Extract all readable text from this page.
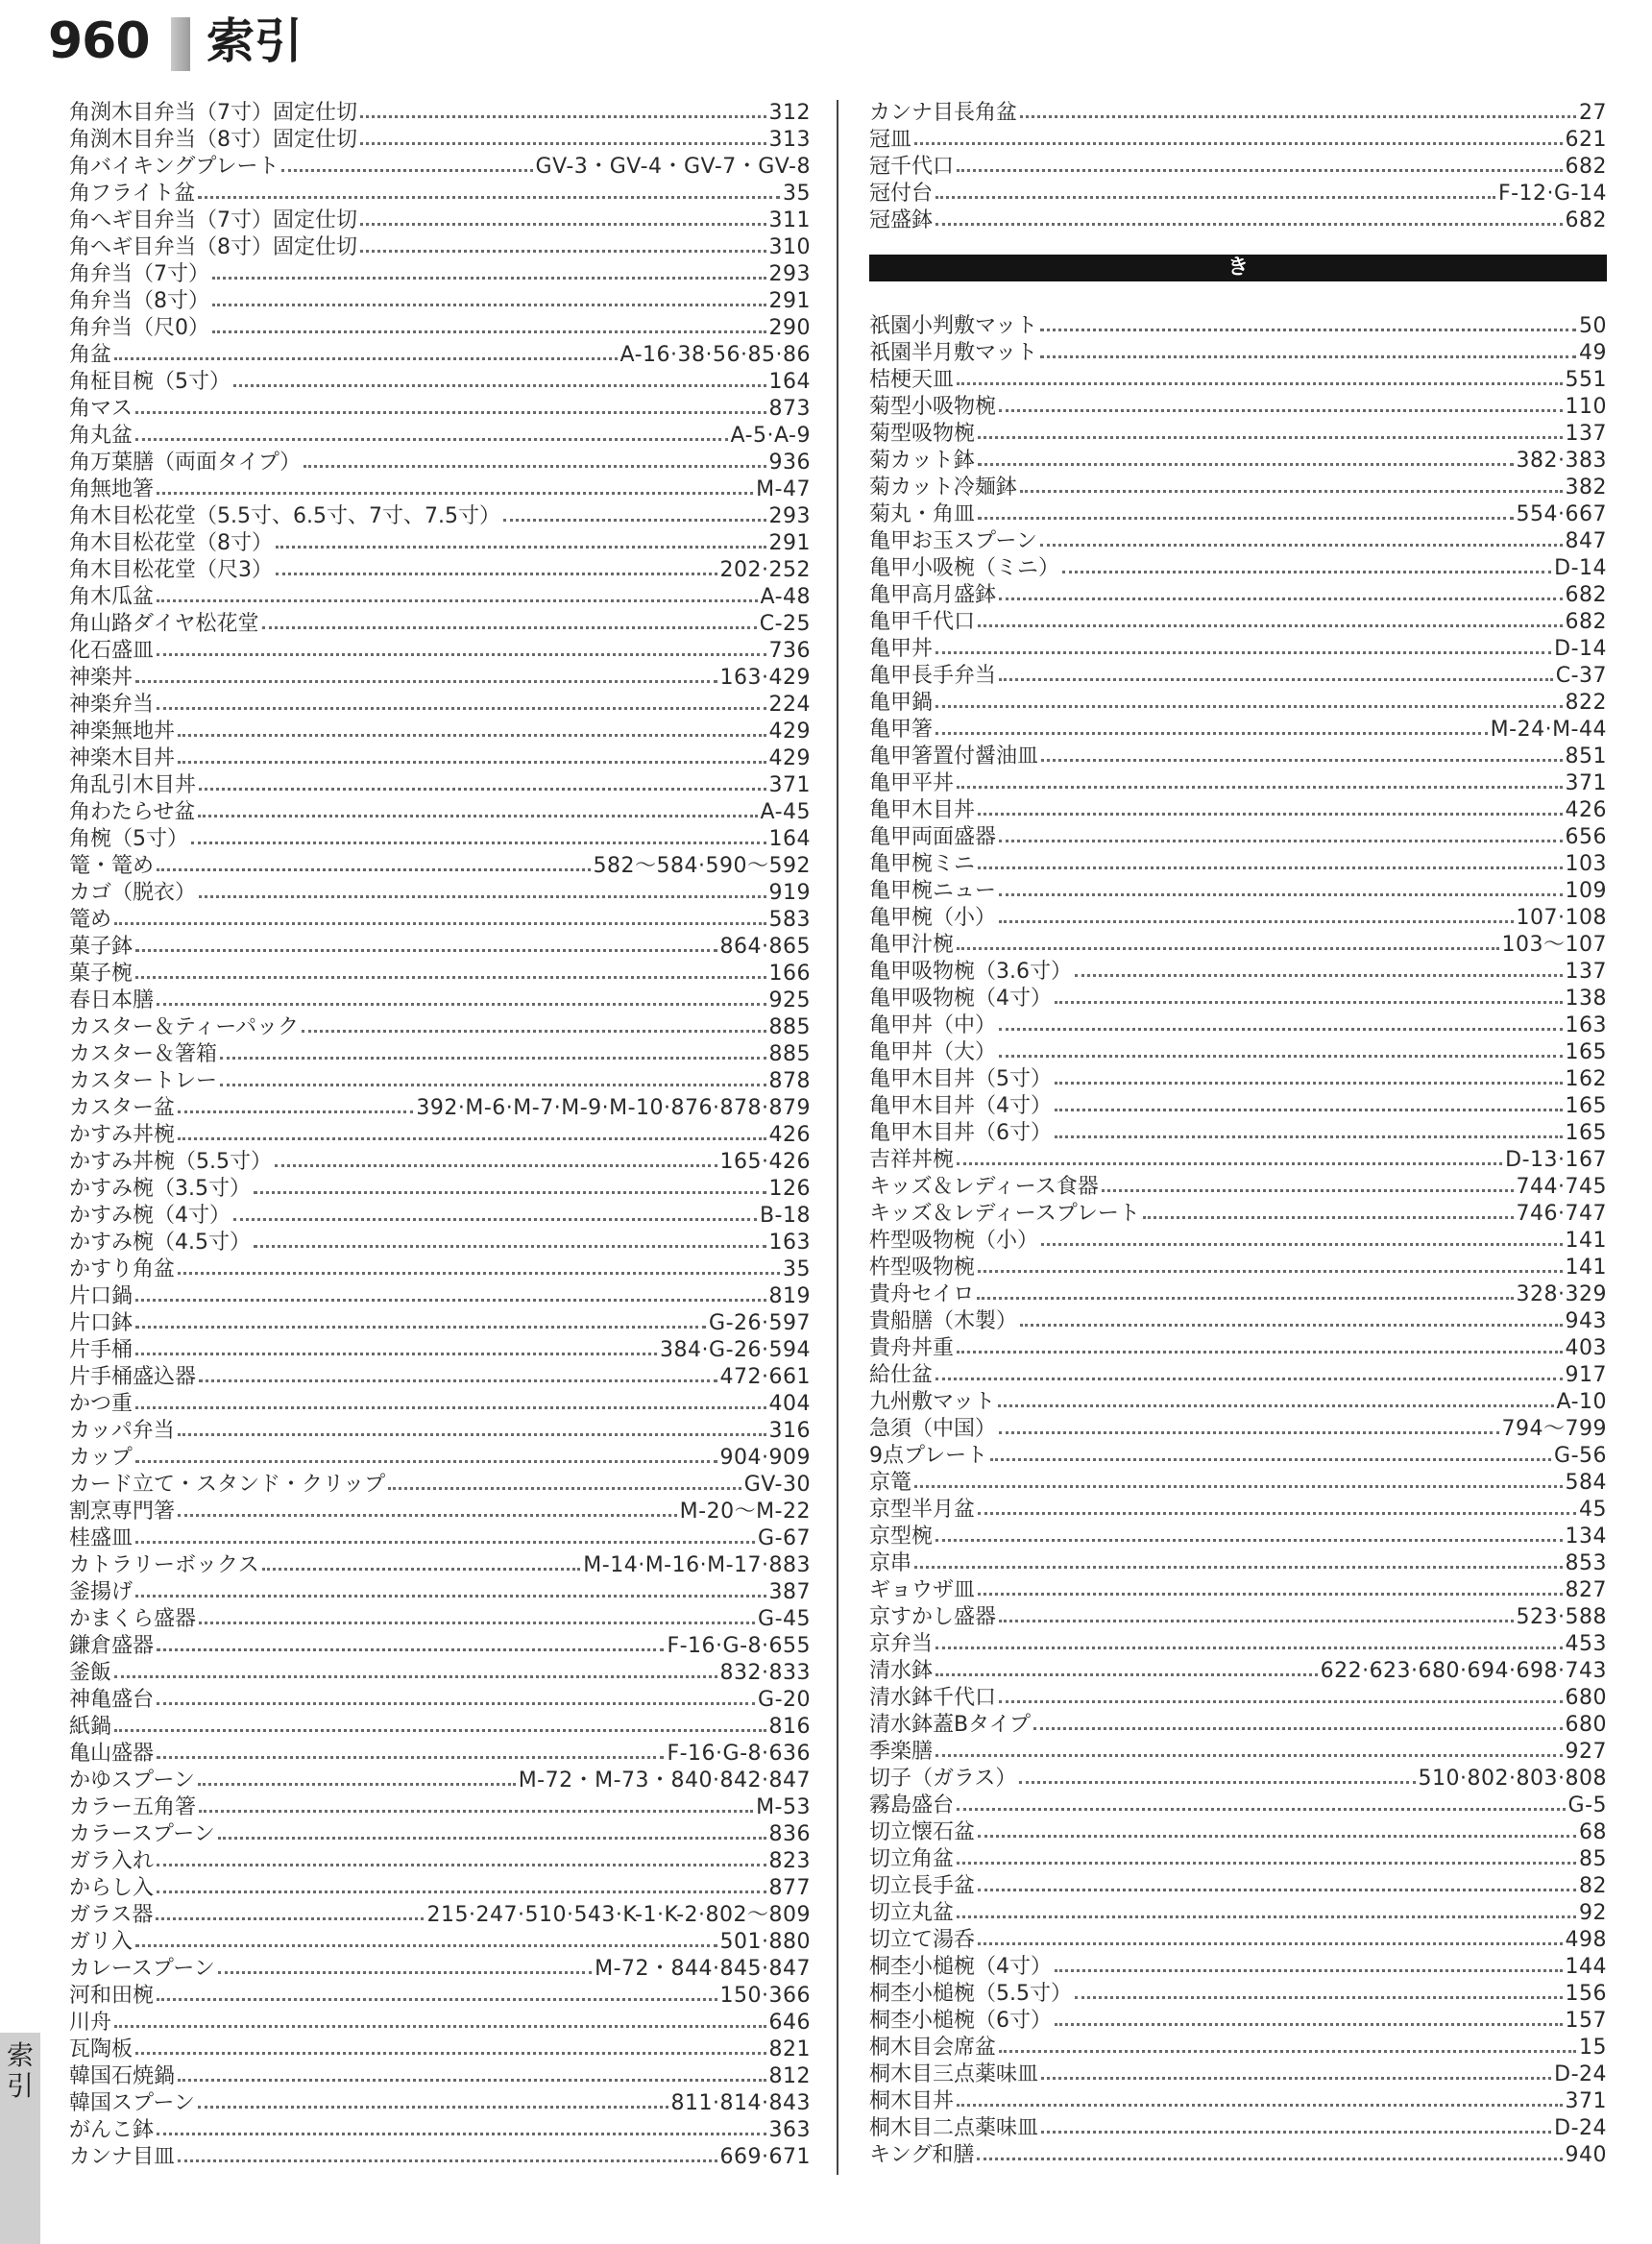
960 索引
角渕木目弁当（7寸）固定仕切	312
角渕木目弁当（8寸）固定仕切	313
角バイキングプレート	GV-3・GV-4・GV-7・GV-8
角フライト盆	35
角へギ目弁当（7寸）固定仕切	311
角へギ目弁当（8寸）固定仕切	310
角弁当（7寸）	293
角弁当（8寸）	291
角弁当（尺0）	290
角盆	A-16·38·56·85·86
角柾目椀（5寸）	164
角マス	873
角丸盆	A-5·A-9
角万葉膳（両面タイプ）	936
角無地箸	M-47
角木目松花堂（5.5寸、6.5寸、7寸、7.5寸）	293
角木目松花堂（8寸）	291
角木目松花堂（尺3）	202·252
角木瓜盆	A-48
角山路ダイヤ松花堂	C-25
化石盛皿	736
神楽丼	163·429
神楽弁当	224
神楽無地丼	429
神楽木目丼	429
角乱引木目丼	371
角わたらせ盆	A-45
角椀（5寸）	164
篭・篭め	582～584·590～592
カゴ（脱衣）	919
篭め	583
菓子鉢	864·865
菓子椀	166
春日本膳	925
カスター＆ティーパック	885
カスター＆箸箱	885
カスタートレー	878
カスター盆	392·M-6·M-7·M-9·M-10·876·878·879
かすみ丼椀	426
かすみ丼椀（5.5寸）	165·426
かすみ椀（3.5寸）	126
かすみ椀（4寸）	B-18
かすみ椀（4.5寸）	163
かすり角盆	35
片口鍋	819
片口鉢	G-26·597
片手桶	384·G-26·594
片手桶盛込器	472·661
かつ重	404
カッパ弁当	316
カップ	904·909
カード立て・スタンド・クリップ	GV-30
割烹専門箸	M-20～M-22
桂盛皿	G-67
カトラリーボックス	M-14·M-16·M-17·883
釜揚げ	387
かまくら盛器	G-45
鎌倉盛器	F-16·G-8·655
釜飯	832·833
神亀盛台	G-20
紙鍋	816
亀山盛器	F-16·G-8·636
かゆスプーン	M-72・M-73・840·842·847
カラー五角箸	M-53
カラースプーン	836
ガラ入れ	823
からし入	877
ガラス器	215·247·510·543·K-1·K-2·802～809
ガリ入	501·880
カレースプーン	M-72・844·845·847
河和田椀	150·366
川舟	646
瓦陶板	821
韓国石焼鍋	812
韓国スプーン	811·814·843
がんこ鉢	363
カンナ目皿	669·671
カンナ目長角盆	27
冠皿	621
冠千代口	682
冠付台	F-12·G-14
冠盛鉢	682
き
祇園小判敷マット	50
祇園半月敷マット	49
桔梗天皿	551
菊型小吸物椀	110
菊型吸物椀	137
菊カット鉢	382·383
菊カット冷麺鉢	382
菊丸・角皿	554·667
亀甲お玉スプーン	847
亀甲小吸椀（ミニ）	D-14
亀甲高月盛鉢	682
亀甲千代口	682
亀甲丼	D-14
亀甲長手弁当	C-37
亀甲鍋	822
亀甲箸	M-24·M-44
亀甲箸置付醤油皿	851
亀甲平丼	371
亀甲木目丼	426
亀甲両面盛器	656
亀甲椀ミニ	103
亀甲椀ニュー	109
亀甲椀（小）	107·108
亀甲汁椀	103～107
亀甲吸物椀（3.6寸）	137
亀甲吸物椀（4寸）	138
亀甲丼（中）	163
亀甲丼（大）	165
亀甲木目丼（5寸）	162
亀甲木目丼（4寸）	165
亀甲木目丼（6寸）	165
吉祥丼椀	D-13·167
キッズ＆レディース食器	744·745
キッズ＆レディースプレート	746·747
杵型吸物椀（小）	141
杵型吸物椀	141
貴舟セイロ	328·329
貴船膳（木製）	943
貴舟丼重	403
給仕盆	917
九州敷マット	A-10
急須（中国）	794～799
9点プレート	G-56
京篭	584
京型半月盆	45
京型椀	134
京串	853
ギョウザ皿	827
京すかし盛器	523·588
京弁当	453
清水鉢	622·623·680·694·698·743
清水鉢千代口	680
清水鉢蓋Bタイプ	680
季楽膳	927
切子（ガラス）	510·802·803·808
霧島盛台	G-5
切立懐石盆	68
切立角盆	85
切立長手盆	82
切立丸盆	92
切立て湯呑	498
桐杢小槌椀（4寸）	144
桐杢小槌椀（5.5寸）	156
桐杢小槌椀（6寸）	157
桐木目会席盆	15
桐木目三点薬味皿	D-24
桐木目丼	371
桐木目二点薬味皿	D-24
キング和膳	940
索引
